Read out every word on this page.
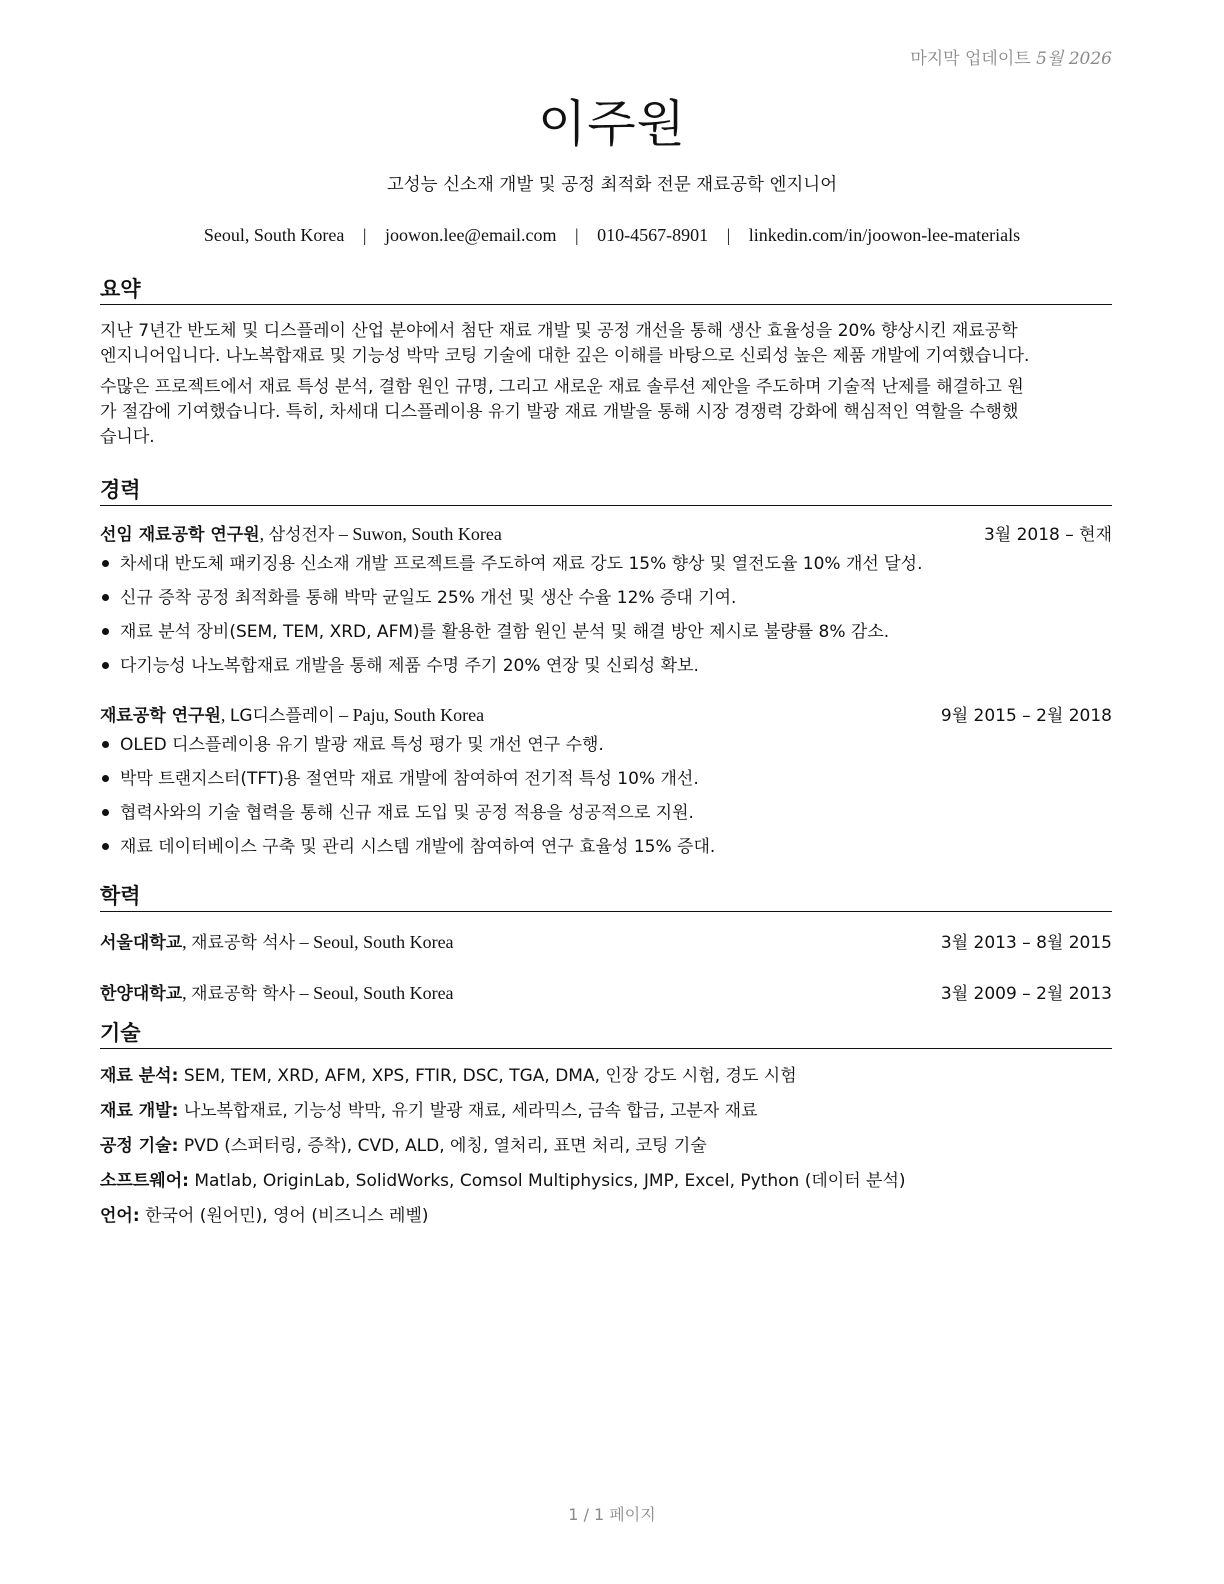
마지막 업데이트 5월 2026
이주원
고성능 신소재 개발 및 공정 최적화 전문 재료공학 엔지니어
Seoul, South Korea | joowon.lee@email.com | 010-4567-8901 | linkedin.com/in/joowon-lee-materials
요약

지난 7년간 반도체 및 디스플레이 산업 분야에서 첨단 재료 개발 및 공정 개선을 통해 생산 효율성을 20% 향상시킨 재료공학
엔지니어입니다. 나노복합재료 및 기능성 박막 코팅 기술에 대한 깊은 이해를 바탕으로 신뢰성 높은 제품 개발에 기여했습니다.

수많은 프로젝트에서 재료 특성 분석, 결함 원인 규명, 그리고 새로운 재료 솔루션 제안을 주도하며 기술적 난제를 해결하고 원
가 절감에 기여했습니다. 특히, 차세대 디스플레이용 유기 발광 재료 개발을 통해 시장 경쟁력 강화에 핵심적인 역할을 수행했
습니다.

경력
선임 재료공학 연구원, 삼성전자 – Suwon, South Korea	3월 2018 – 현재
차세대 반도체 패키징용 신소재 개발 프로젝트를 주도하여 재료 강도 15% 향상 및 열전도율 10% 개선 달성.
신규 증착 공정 최적화를 통해 박막 균일도 25% 개선 및 생산 수율 12% 증대 기여.
재료 분석 장비(SEM, TEM, XRD, AFM)를 활용한 결함 원인 분석 및 해결 방안 제시로 불량률 8% 감소.
다기능성 나노복합재료 개발을 통해 제품 수명 주기 20% 연장 및 신뢰성 확보.
재료공학 연구원, LG디스플레이 – Paju, South Korea	9월 2015 – 2월 2018
OLED 디스플레이용 유기 발광 재료 특성 평가 및 개선 연구 수행.
박막 트랜지스터(TFT)용 절연막 재료 개발에 참여하여 전기적 특성 10% 개선.
협력사와의 기술 협력을 통해 신규 재료 도입 및 공정 적용을 성공적으로 지원.
재료 데이터베이스 구축 및 관리 시스템 개발에 참여하여 연구 효율성 15% 증대.
학력
서울대학교, 재료공학 석사 – Seoul, South Korea	3월 2013 – 8월 2015
한양대학교, 재료공학 학사 – Seoul, South Korea	3월 2009 – 2월 2013
기술
재료 분석: SEM, TEM, XRD, AFM, XPS, FTIR, DSC, TGA, DMA, 인장 강도 시험, 경도 시험
재료 개발: 나노복합재료, 기능성 박막, 유기 발광 재료, 세라믹스, 금속 합금, 고분자 재료
공정 기술: PVD (스퍼터링, 증착), CVD, ALD, 에칭, 열처리, 표면 처리, 코팅 기술
소프트웨어: Matlab, OriginLab, SolidWorks, Comsol Multiphysics, JMP, Excel, Python (데이터 분석)
언어: 한국어 (원어민), 영어 (비즈니스 레벨)
1 / 1 페이지
